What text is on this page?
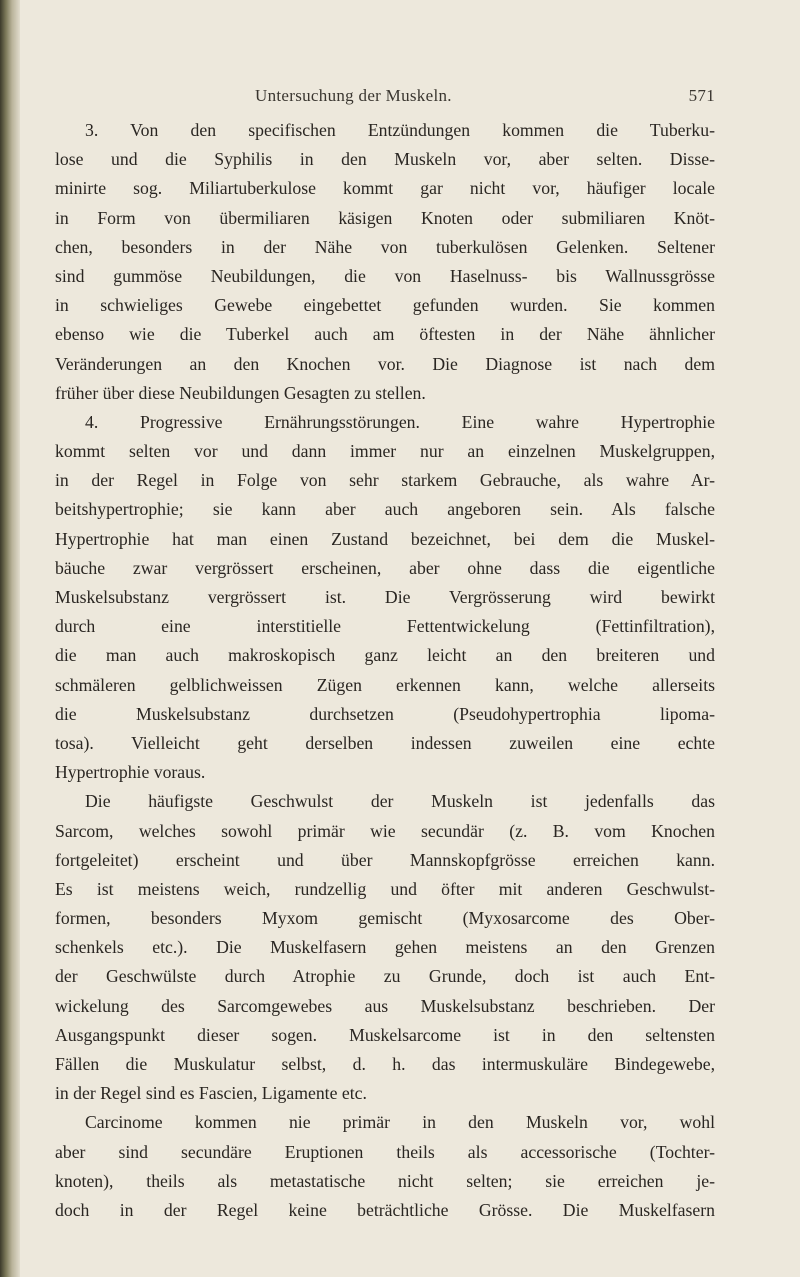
Untersuchung der Muskeln.	571
3. Von den specifischen Entzündungen kommen die Tuberku-
lose und die Syphilis in den Muskeln vor, aber selten. Disse-
minirte sog. Miliartuberkulose kommt gar nicht vor, häufiger locale
in Form von übermiliaren käsigen Knoten oder submiliaren Knöt-
chen, besonders in der Nähe von tuberkulösen Gelenken. Seltener
sind gummöse Neubildungen, die von Haselnuss- bis Wallnussgrösse
in schwieliges Gewebe eingebettet gefunden wurden. Sie kommen
ebenso wie die Tuberkel auch am öftesten in der Nähe ähnlicher
Veränderungen an den Knochen vor. Die Diagnose ist nach dem
früher über diese Neubildungen Gesagten zu stellen.
4. Progressive Ernährungsstörungen. Eine wahre Hypertrophie
kommt selten vor und dann immer nur an einzelnen Muskelgruppen,
in der Regel in Folge von sehr starkem Gebrauche, als wahre Ar-
beitshypertrophie; sie kann aber auch angeboren sein. Als falsche
Hypertrophie hat man einen Zustand bezeichnet, bei dem die Muskel-
bäuche zwar vergrössert erscheinen, aber ohne dass die eigentliche
Muskelsubstanz vergrössert ist. Die Vergrösserung wird bewirkt
durch eine interstitielle Fettentwickelung (Fettinfiltration),
die man auch makroskopisch ganz leicht an den breiteren und
schmäleren gelblichweissen Zügen erkennen kann, welche allerseits
die Muskelsubstanz durchsetzen (Pseudohypertrophia lipoma-
tosa). Vielleicht geht derselben indessen zuweilen eine echte
Hypertrophie voraus.
Die häufigste Geschwulst der Muskeln ist jedenfalls das
Sarcom, welches sowohl primär wie secundär (z. B. vom Knochen
fortgeleitet) erscheint und über Mannskopfgrösse erreichen kann.
Es ist meistens weich, rundzellig und öfter mit anderen Geschwulst-
formen, besonders Myxom gemischt (Myxosarcome des Ober-
schenkels etc.). Die Muskelfasern gehen meistens an den Grenzen
der Geschwülste durch Atrophie zu Grunde, doch ist auch Ent-
wickelung des Sarcomgewebes aus Muskelsubstanz beschrieben. Der
Ausgangspunkt dieser sogen. Muskelsarcome ist in den seltensten
Fällen die Muskulatur selbst, d. h. das intermuskuläre Bindegewebe,
in der Regel sind es Fascien, Ligamente etc.
Carcinome kommen nie primär in den Muskeln vor, wohl
aber sind secundäre Eruptionen theils als accessorische (Tochter-
knoten), theils als metastatische nicht selten; sie erreichen je-
doch in der Regel keine beträchtliche Grösse. Die Muskelfasern
